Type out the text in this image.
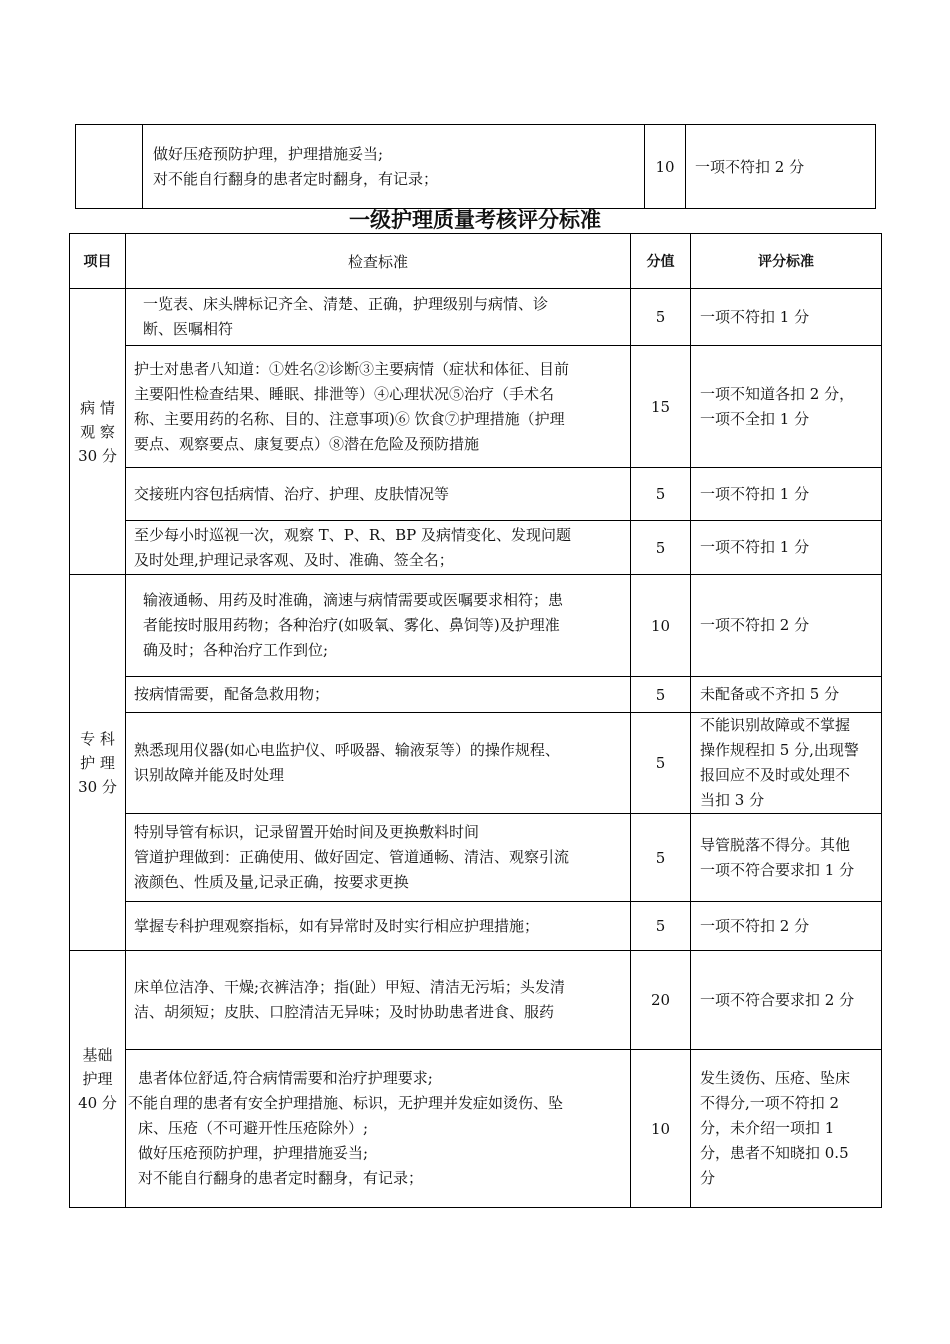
做好压疮预防护理，护理措施妥当;
对不能自行翻身的患者定时翻身，有记录；
	10	一项不符扣 2 分
一级护理质量考核评分标准
项目	检查标准	分值	评分标准

病 情
观 察
30 分	一览表、床头牌标记齐全、清楚、正确，护理级别与病情、诊
断、医嘱相符	5	一项不符扣 1 分

	护士对患者八知道：①姓名②诊断③主要病情（症状和体征、目前
主要阳性检查结果、睡眠、排泄等）④心理状况⑤治疗（手术名
称、主要用药的名称、目的、注意事项)⑥ 饮食⑦护理措施（护理
要点、观察要点、康复要点）⑧潜在危险及预防措施	15	一项不知道各扣 2 分，
一项不全扣 1 分

	交接班内容包括病情、治疗、护理、皮肤情况等	5	一项不符扣 1 分

	至少每小时巡视一次，观察 T、P、R、BP 及病情变化、发现问题
及时处理,护理记录客观、及时、准确、签全名；	5	一项不符扣 1 分

专 科
护 理
30 分	输液通畅、用药及时准确，滴速与病情需要或医嘱要求相符；患
者能按时服用药物；各种治疗(如吸氧、雾化、鼻饲等)及护理准
确及时；各种治疗工作到位;	10	一项不符扣 2 分

	按病情需要，配备急救用物；	5	未配备或不齐扣 5 分

	熟悉现用仪器(如心电监护仪、呼吸器、输液泵等）的操作规程、
识别故障并能及时处理	5	不能识别故障或不掌握
操作规程扣 5 分,出现警
报回应不及时或处理不
当扣 3 分

	特别导管有标识，记录留置开始时间及更换敷料时间
管道护理做到：正确使用、做好固定、管道通畅、清洁、观察引流
液颜色、性质及量,记录正确，按要求更换	5	导管脱落不得分。其他
一项不符合要求扣 1 分

	掌握专科护理观察指标，如有异常时及时实行相应护理措施；	5	一项不符扣 2 分

基础
护理
40 分	床单位洁净、干燥;衣裤洁净；指(趾）甲短、清洁无污垢；头发清
洁、胡须短；皮肤、口腔清洁无异味；及时协助患者进食、服药	20	一项不符合要求扣 2 分

	患者体位舒适,符合病情需要和治疗护理要求;
不能自理的患者有安全护理措施、标识，无护理并发症如烫伤、坠
床、压疮（不可避开性压疮除外）;
做好压疮预防护理，护理措施妥当;
对不能自行翻身的患者定时翻身，有记录；	10	发生烫伤、压疮、坠床
不得分,一项不符扣 2
分，未介绍一项扣 1
分，患者不知晓扣 0.5
分
